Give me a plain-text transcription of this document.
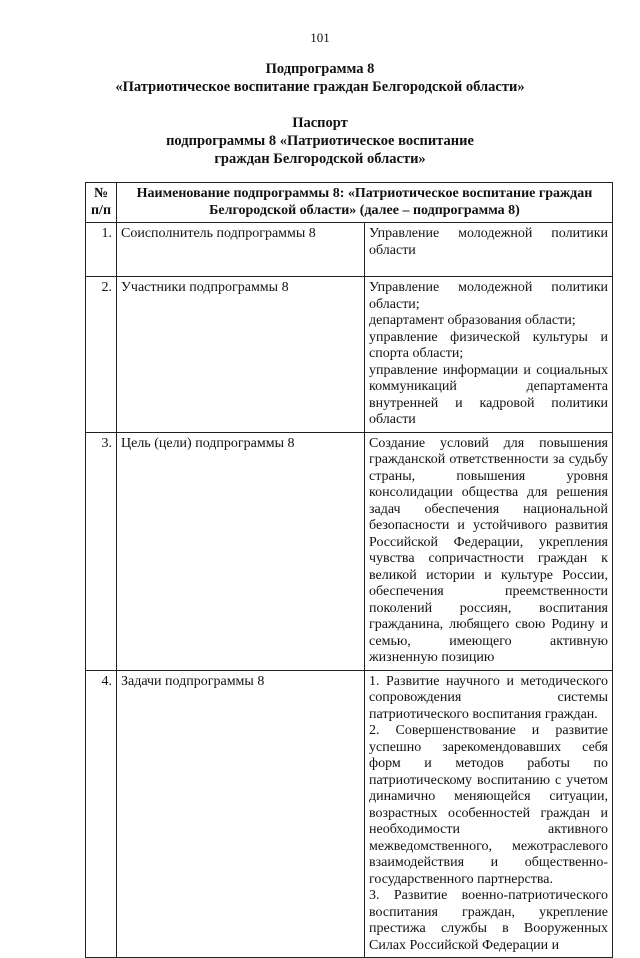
101
Подпрограмма 8
«Патриотическое воспитание граждан Белгородской области»
Паспорт
подпрограммы 8 «Патриотическое воспитание
граждан Белгородской области»
№ п/п	Наименование подпрограммы 8: «Патриотическое воспитание граждан Белгородской области» (далее – подпрограмма 8)	
1.	Соисполнитель подпрограммы 8	Управление молодежной политики области

2.	Участники подпрограммы 8	Управление молодежной политики области;

департамент образования области;

управление физической культуры и спорта области;

управление информации и социальных коммуникаций департамента внутренней и кадровой политики области

3.	Цель (цели) подпрограммы 8	Создание условий для повышения гражданской ответственности за судьбу страны, повышения уровня консолидации общества для решения задач обеспечения национальной безопасности и устойчивого развития Российской Федерации, укрепления чувства сопричастности граждан к великой истории и культуре России, обеспечения преемственности поколений россиян, воспитания гражданина, любящего свою Родину и семью, имеющего активную жизненную позицию

4.	Задачи подпрограммы 8	1. Развитие научного и методического сопровождения системы патриотического воспитания граждан.

2. Совершенствование и развитие успешно зарекомендовавших себя форм и методов работы по патриотическому воспитанию с учетом динамично меняющейся ситуации, возрастных особенностей граждан и необходимости активного межведомственного, межотраслевого взаимодействия и общественно-государственного партнерства.

3. Развитие военно-патриотического воспитания граждан, укрепление престижа службы в Вооруженных Силах Российской Федерации и
